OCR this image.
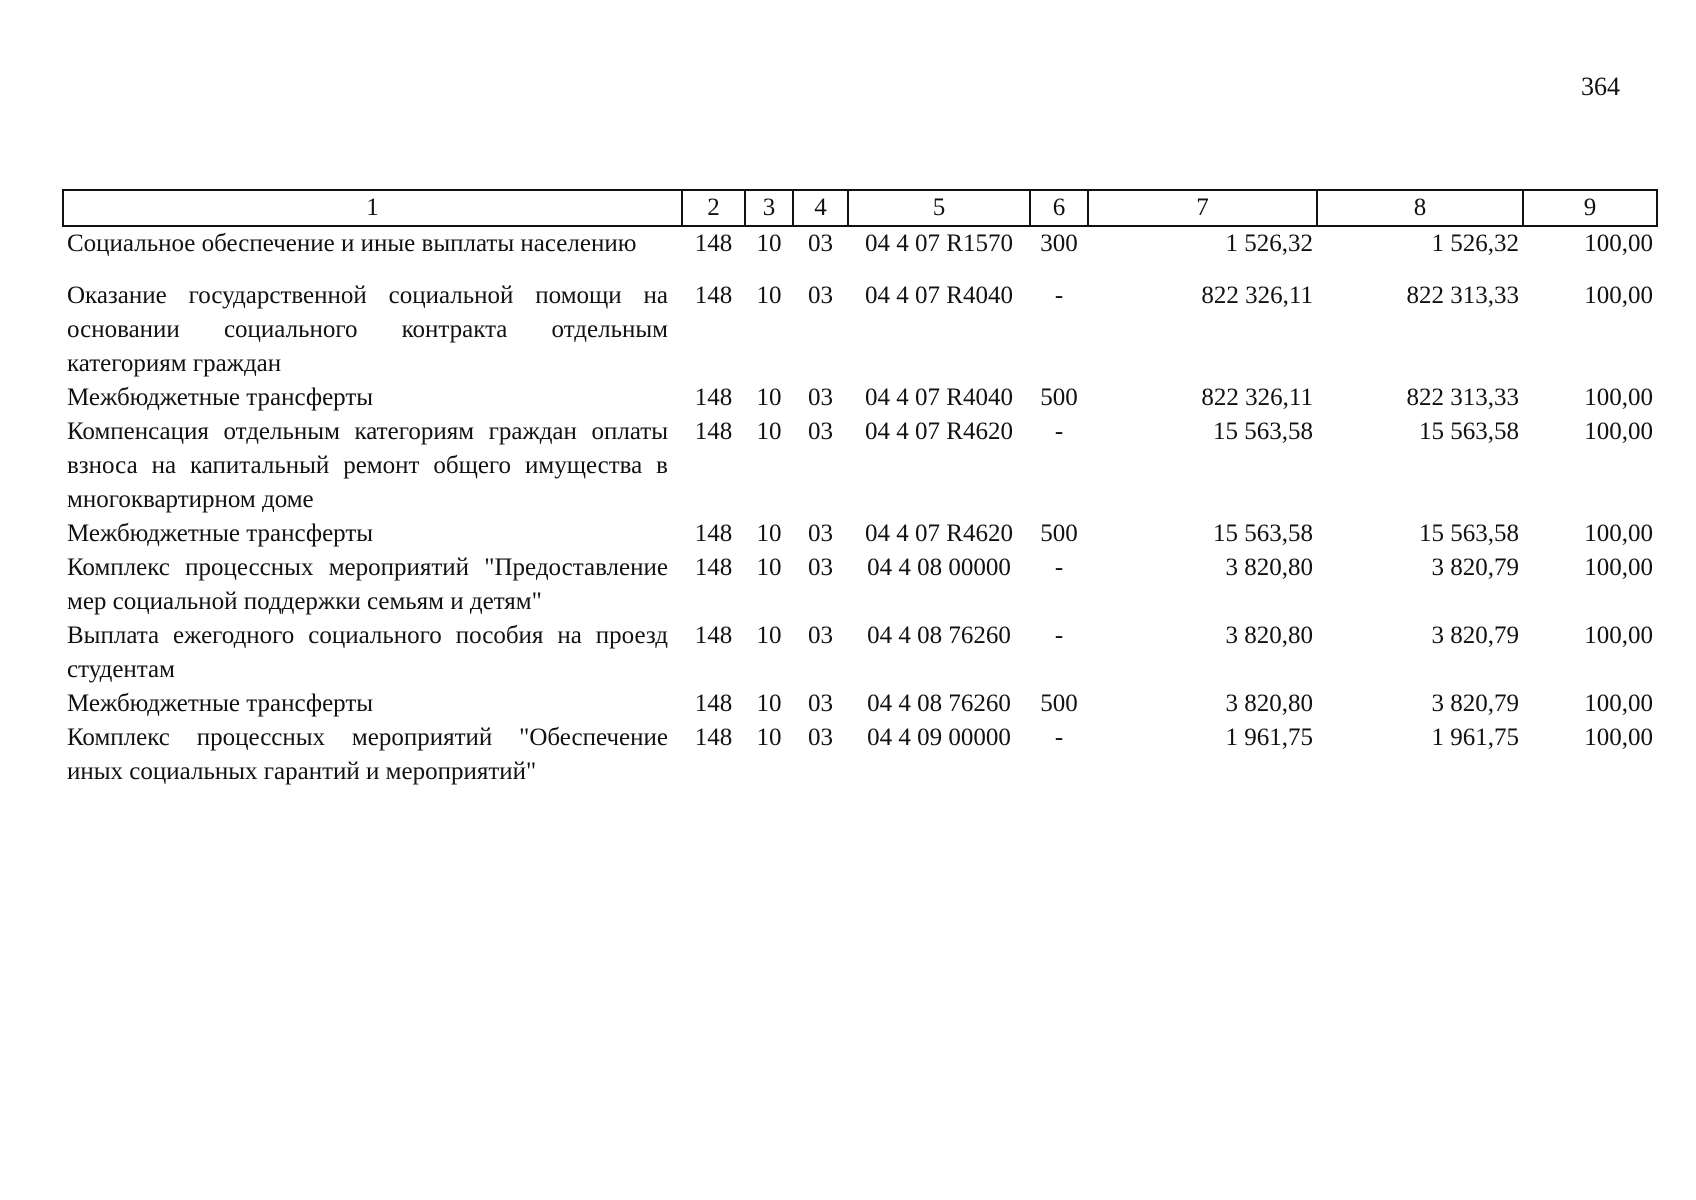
364
1	2	3	4	5	6	7	8	9
Социальное обеспечение и иные выплаты населению	148	10	03	04 4 07 R1570	300	1 526,32	1 526,32	100,00
Оказание государственной социальной помощи на основании социального контракта отдельным категориям граждан	148	10	03	04 4 07 R4040	-	822 326,11	822 313,33	100,00
Межбюджетные трансферты	148	10	03	04 4 07 R4040	500	822 326,11	822 313,33	100,00
Компенсация отдельным категориям граждан оплаты взноса на капитальный ремонт общего имущества в многоквартирном доме	148	10	03	04 4 07 R4620	-	15 563,58	15 563,58	100,00
Межбюджетные трансферты	148	10	03	04 4 07 R4620	500	15 563,58	15 563,58	100,00
Комплекс процессных мероприятий "Предоставление мер социальной поддержки семьям и детям"	148	10	03	04 4 08 00000	-	3 820,80	3 820,79	100,00
Выплата ежегодного социального пособия на проезд студентам	148	10	03	04 4 08 76260	-	3 820,80	3 820,79	100,00
Межбюджетные трансферты	148	10	03	04 4 08 76260	500	3 820,80	3 820,79	100,00
Комплекс процессных мероприятий "Обеспечение иных социальных гарантий и мероприятий"	148	10	03	04 4 09 00000	-	1 961,75	1 961,75	100,00
